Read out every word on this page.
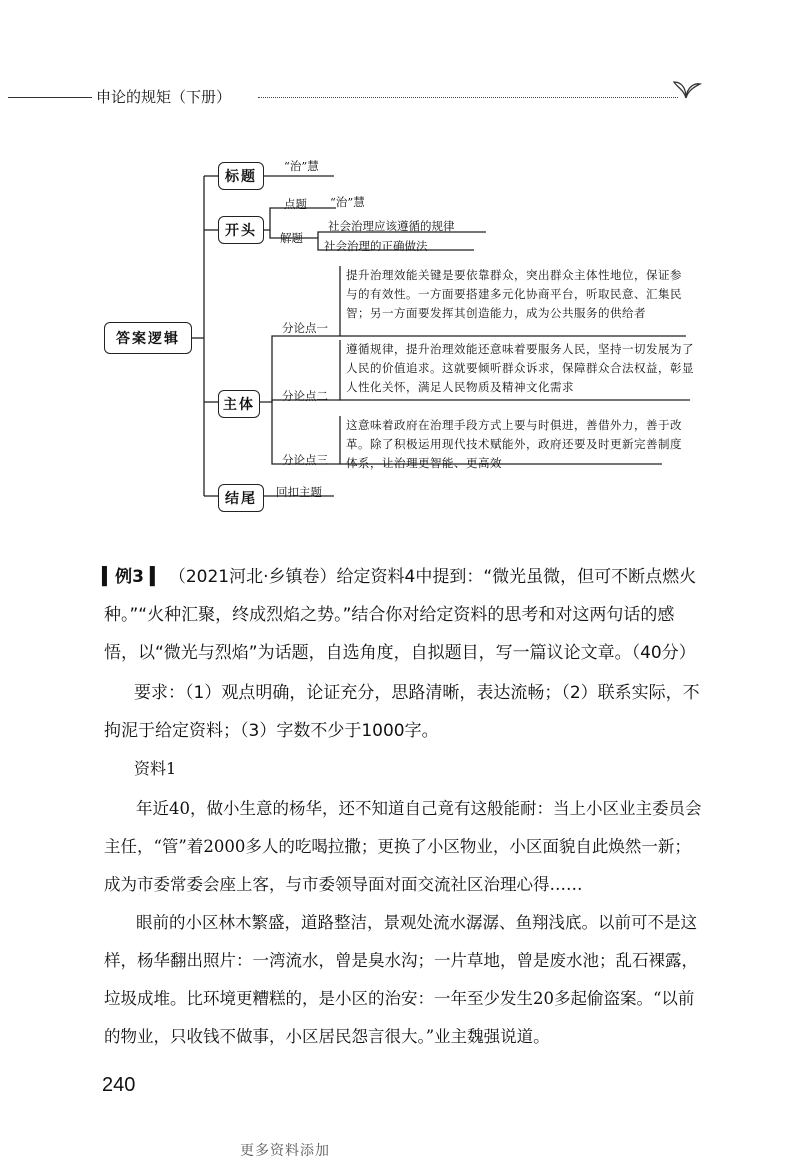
申论的规矩（下册）
答案逻辑
标题
开头
主体
结尾
“治”慧
点题 “治”慧
解题
社会治理应该遵循的规律
社会治理的正确做法
分论点一
提升治理效能关键是要依靠群众，突出群众主体性地位，保证参与的有效性。一方面要搭建多元化协商平台，听取民意、汇集民智；另一方面要发挥其创造能力，成为公共服务的供给者
分论点二
遵循规律，提升治理效能还意味着要服务人民，坚持一切发展为了人民的价值追求。这就要倾听群众诉求，保障群众合法权益，彰显人性化关怀，满足人民物质及精神文化需求
分论点三
这意味着政府在治理手段方式上要与时俱进，善借外力，善于改革。除了积极运用现代技术赋能外，政府还要及时更新完善制度体系，让治理更智能、更高效
回扣主题
▍例3 ▍ （2021河北·乡镇卷）给定资料4中提到：“微光虽微，但可不断点燃火种。”“火种汇聚，终成烈焰之势。”结合你对给定资料的思考和对这两句话的感悟，以“微光与烈焰”为话题，自选角度，自拟题目，写一篇议论文章。（40分）
要求：（1）观点明确，论证充分，思路清晰，表达流畅；（2）联系实际，不拘泥于给定资料；（3）字数不少于1000字。
资料1
年近40，做小生意的杨华，还不知道自己竟有这般能耐：当上小区业主委员会主任，“管”着2000多人的吃喝拉撒；更换了小区物业，小区面貌自此焕然一新；成为市委常委会座上客，与市委领导面对面交流社区治理心得……
眼前的小区林木繁盛，道路整洁，景观处流水潺潺、鱼翔浅底。以前可不是这样，杨华翻出照片：一湾流水，曾是臭水沟；一片草地，曾是废水池；乱石裸露，垃圾成堆。比环境更糟糕的，是小区的治安：一年至少发生20多起偷盗案。“以前的物业，只收钱不做事，小区居民怨言很大。”业主魏强说道。
240
更多资料添加
